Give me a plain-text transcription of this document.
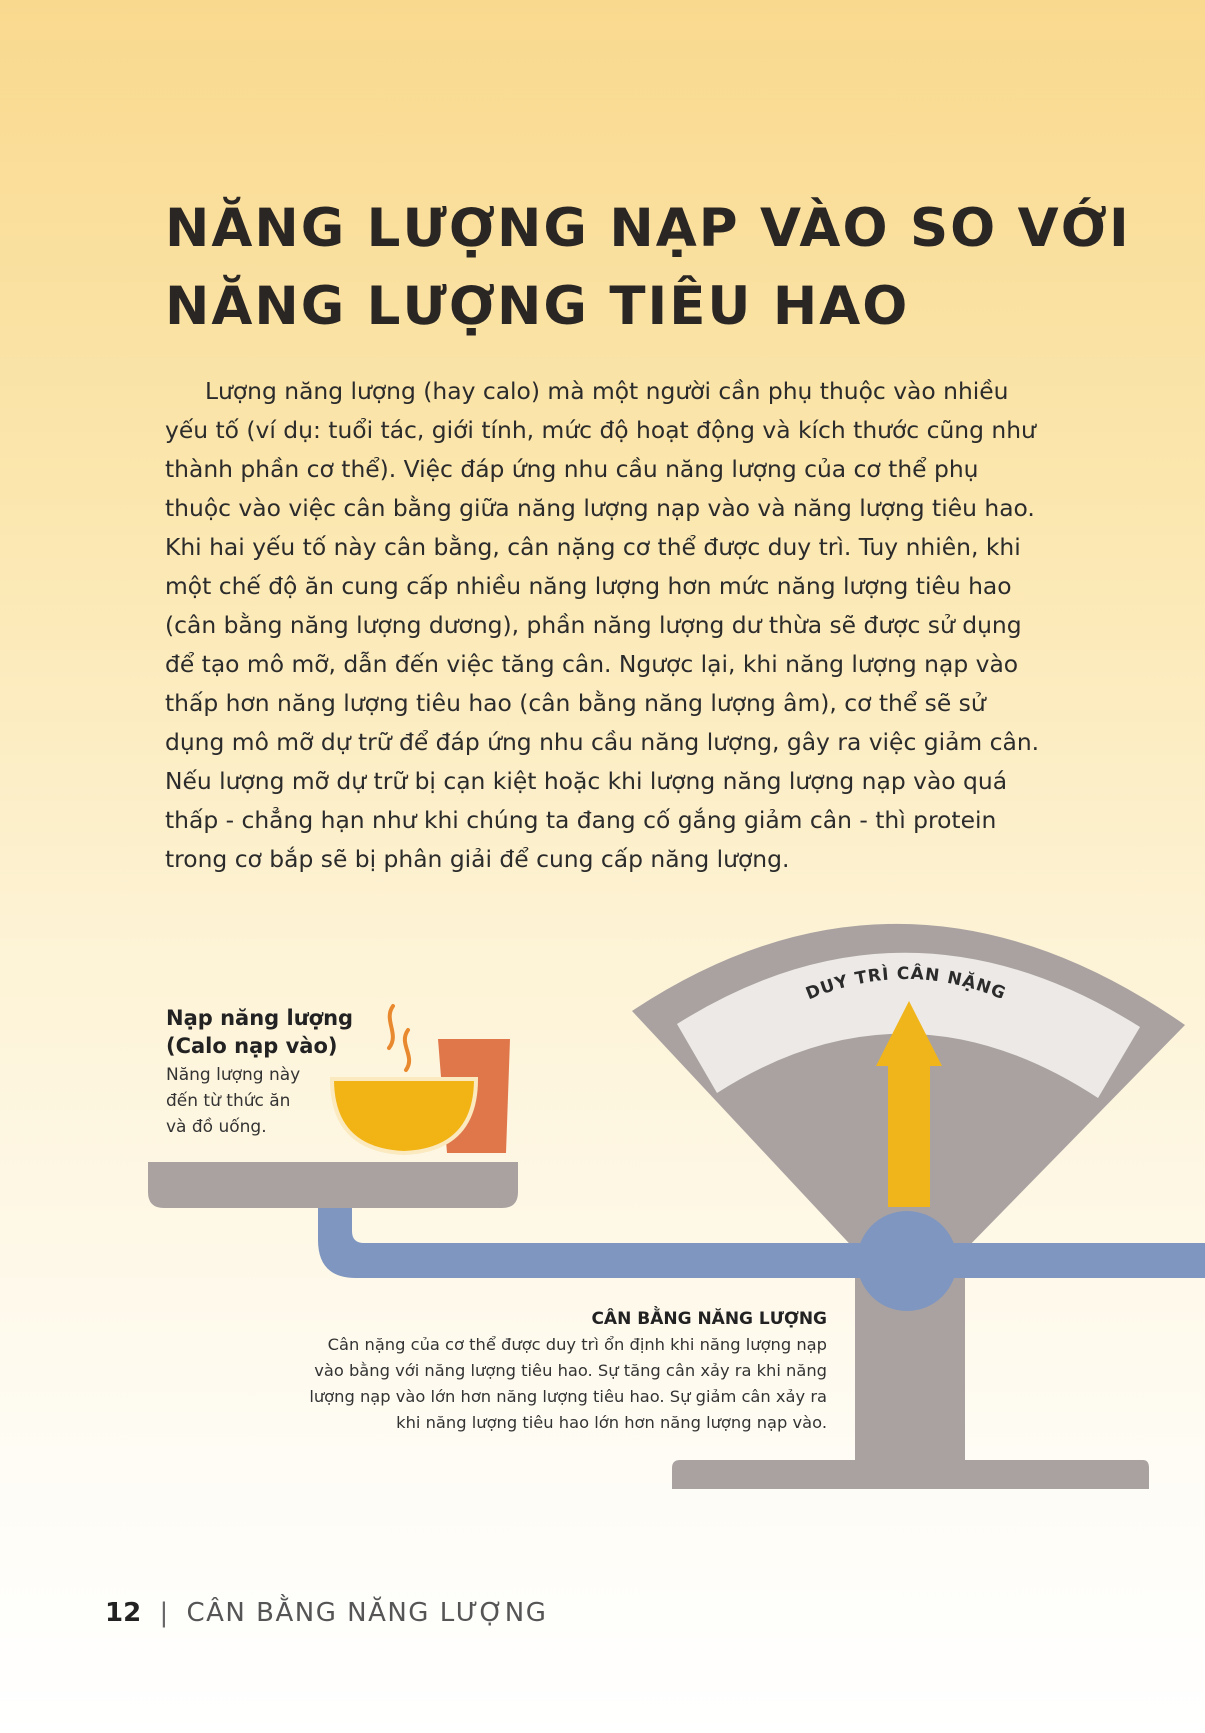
NĂNG LƯỢNG NẠP VÀO SO VỚI
NĂNG LƯỢNG TIÊU HAO
Lượng năng lượng (hay calo) mà một người cần phụ thuộc vào nhiều
yếu tố (ví dụ: tuổi tác, giới tính, mức độ hoạt động và kích thước cũng như
thành phần cơ thể). Việc đáp ứng nhu cầu năng lượng của cơ thể phụ
thuộc vào việc cân bằng giữa năng lượng nạp vào và năng lượng tiêu hao.
Khi hai yếu tố này cân bằng, cân nặng cơ thể được duy trì. Tuy nhiên, khi
một chế độ ăn cung cấp nhiều năng lượng hơn mức năng lượng tiêu hao
(cân bằng năng lượng dương), phần năng lượng dư thừa sẽ được sử dụng
để tạo mô mỡ, dẫn đến việc tăng cân. Ngược lại, khi năng lượng nạp vào
thấp hơn năng lượng tiêu hao (cân bằng năng lượng âm), cơ thể sẽ sử
dụng mô mỡ dự trữ để đáp ứng nhu cầu năng lượng, gây ra việc giảm cân.
Nếu lượng mỡ dự trữ bị cạn kiệt hoặc khi lượng năng lượng nạp vào quá
thấp - chẳng hạn như khi chúng ta đang cố gắng giảm cân - thì protein
trong cơ bắp sẽ bị phân giải để cung cấp năng lượng.
DUY TRÌ CÂN NẶNG
Nạp năng lượng
(Calo nạp vào)
Năng lượng này
đến từ thức ăn
và đồ uống.
CÂN BẰNG NĂNG LƯỢNG
Cân nặng của cơ thể được duy trì ổn định khi năng lượng nạp
vào bằng với năng lượng tiêu hao. Sự tăng cân xảy ra khi năng
lượng nạp vào lớn hơn năng lượng tiêu hao. Sự giảm cân xảy ra
khi năng lượng tiêu hao lớn hơn năng lượng nạp vào.
12 | CÂN BẰNG NĂNG LƯỢNG
